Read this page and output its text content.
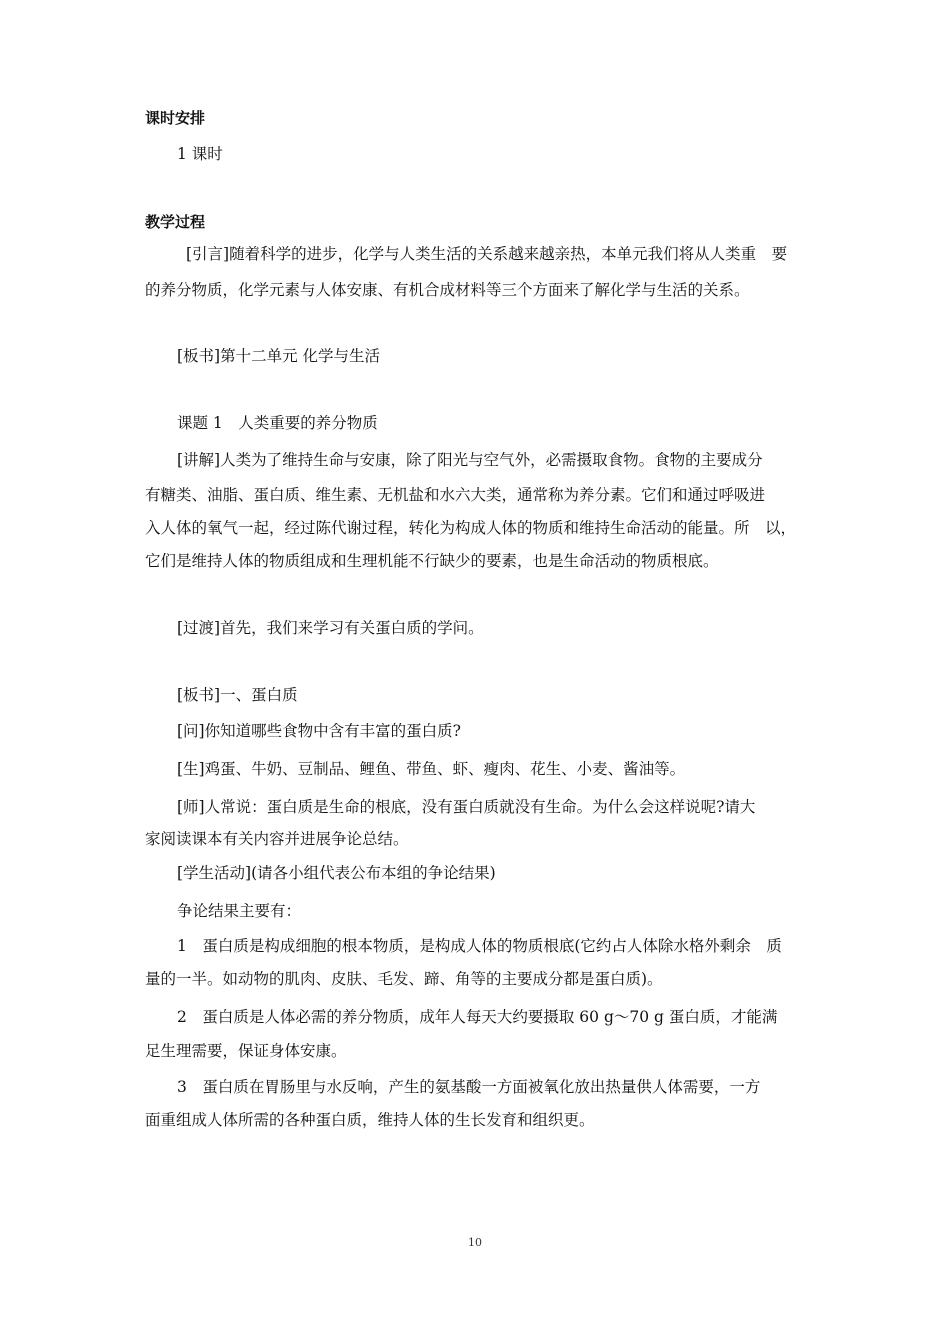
课时安排
1 课时
教学过程
[引言]随着科学的进步，化学与人类生活的关系越来越亲热，本单元我们将从人类重　要
的养分物质，化学元素与人体安康、有机合成材料等三个方面来了解化学与生活的关系。
[板书]第十二单元 化学与生活
课题 1　人类重要的养分物质
[讲解]人类为了维持生命与安康，除了阳光与空气外，必需摄取食物。食物的主要成分
有糖类、油脂、蛋白质、维生素、无机盐和水六大类，通常称为养分素。它们和通过呼吸进
入人体的氧气一起，经过陈代谢过程，转化为构成人体的物质和维持生命活动的能量。所　以，
它们是维持人体的物质组成和生理机能不行缺少的要素，也是生命活动的物质根底。
[过渡]首先，我们来学习有关蛋白质的学问。
[板书]一、蛋白质
[问]你知道哪些食物中含有丰富的蛋白质?
[生]鸡蛋、牛奶、豆制品、鲤鱼、带鱼、虾、瘦肉、花生、小麦、酱油等。
[师]人常说：蛋白质是生命的根底，没有蛋白质就没有生命。为什么会这样说呢?请大
家阅读课本有关内容并进展争论总结。
[学生活动](请各小组代表公布本组的争论结果)
争论结果主要有：
1　蛋白质是构成细胞的根本物质，是构成人体的物质根底(它约占人体除水格外剩余　质
量的一半。如动物的肌肉、皮肤、毛发、蹄、角等的主要成分都是蛋白质)。
2　蛋白质是人体必需的养分物质，成年人每天大约要摄取 60 g～70 g 蛋白质，才能满
足生理需要，保证身体安康。
3　蛋白质在胃肠里与水反响，产生的氨基酸一方面被氧化放出热量供人体需要，一方
面重组成人体所需的各种蛋白质，维持人体的生长发育和组织更。
10
